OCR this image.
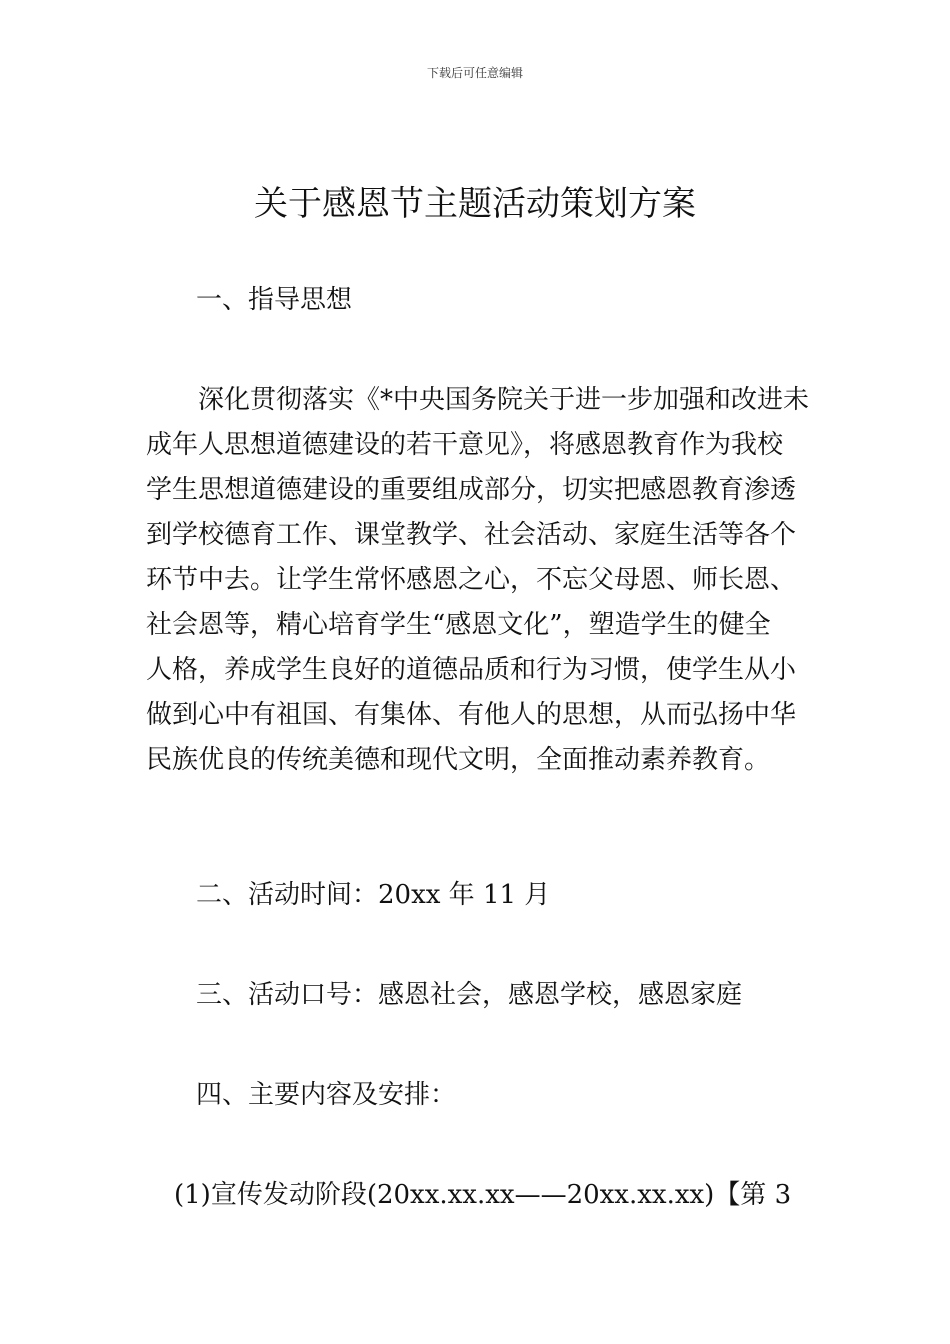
下载后可任意编辑
关于感恩节主题活动策划方案
一、指导思想
深化贯彻落实《*中央国务院关于进一步加强和改进未
成年人思想道德建设的若干意见》，将感恩教育作为我校
学生思想道德建设的重要组成部分，切实把感恩教育渗透
到学校德育工作、课堂教学、社会活动、家庭生活等各个
环节中去。让学生常怀感恩之心，不忘父母恩、师长恩、
社会恩等，精心培育学生“感恩文化”，塑造学生的健全
人格，养成学生良好的道德品质和行为习惯，使学生从小
做到心中有祖国、有集体、有他人的思想，从而弘扬中华
民族优良的传统美德和现代文明，全面推动素养教育。
二、活动时间：20xx 年 11 月
三、活动口号：感恩社会，感恩学校，感恩家庭
四、主要内容及安排：
(1)宣传发动阶段(20xx.xx.xx——20xx.xx.xx)【第 3
